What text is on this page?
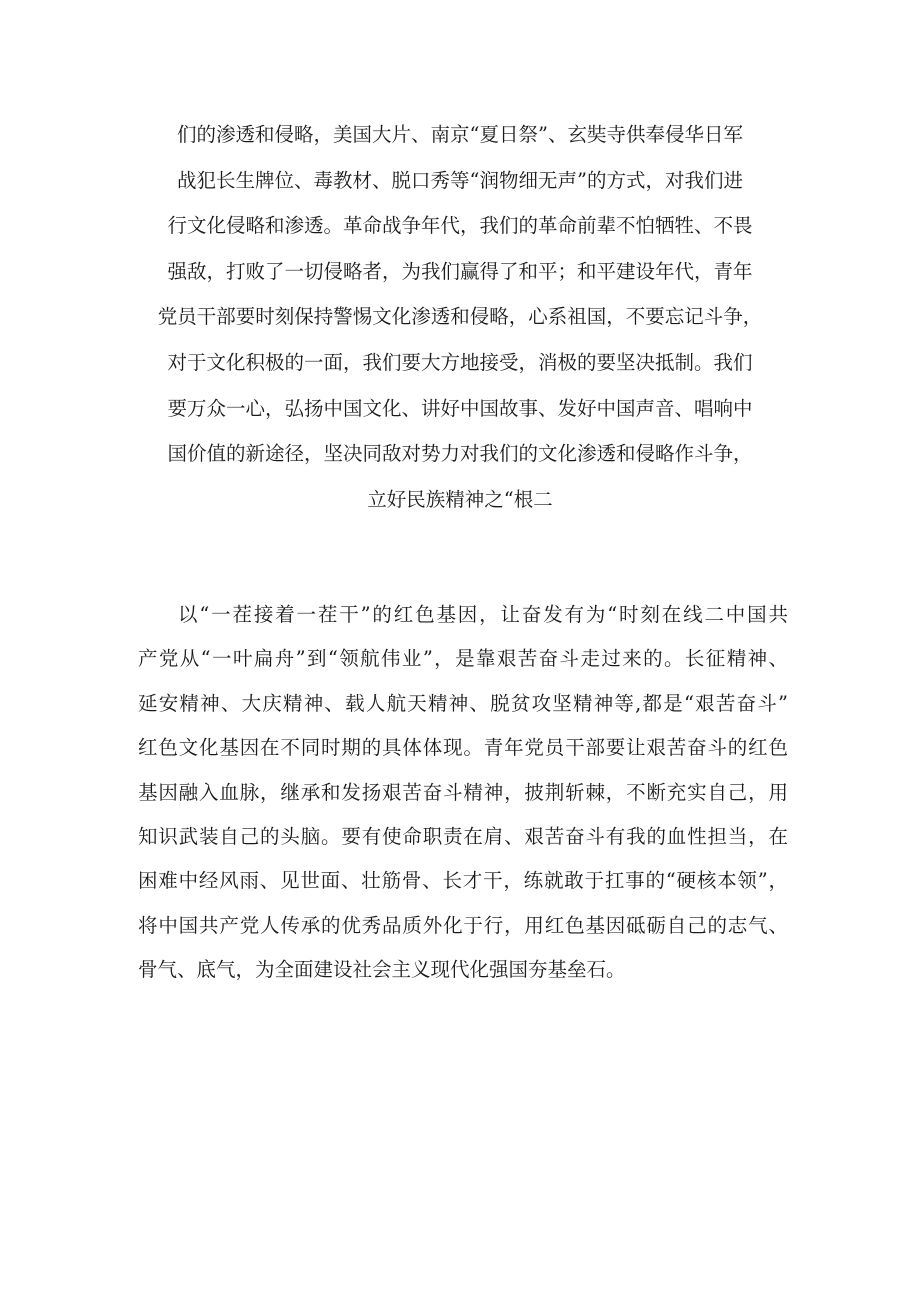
们的渗透和侵略，美国大片、南京“夏日祭”、玄奘寺供奉侵华日军
战犯长生牌位、毒教材、脱口秀等“润物细无声”的方式，对我们进
行文化侵略和渗透。革命战争年代，我们的革命前辈不怕牺牲、不畏
强敌，打败了一切侵略者，为我们赢得了和平；和平建设年代，青年
党员干部要时刻保持警惕文化渗透和侵略，心系祖国，不要忘记斗争，
对于文化积极的一面，我们要大方地接受，消极的要坚决抵制。我们
要万众一心，弘扬中国文化、讲好中国故事、发好中国声音、唱响中
国价值的新途径，坚决同敌对势力对我们的文化渗透和侵略作斗争，
立好民族精神之“根二
以“一茬接着一茬干”的红色基因，让奋发有为“时刻在线二中国共
产党从“一叶扁舟”到“领航伟业”，是靠艰苦奋斗走过来的。长征精神、
延安精神、大庆精神、载人航天精神、脱贫攻坚精神等,都是“艰苦奋斗”
红色文化基因在不同时期的具体体现。青年党员干部要让艰苦奋斗的红色
基因融入血脉，继承和发扬艰苦奋斗精神，披荆斩棘，不断充实自己，用
知识武装自己的头脑。要有使命职责在肩、艰苦奋斗有我的血性担当，在
困难中经风雨、见世面、壮筋骨、长才干，练就敢于扛事的“硬核本领”，
将中国共产党人传承的优秀品质外化于行，用红色基因砥砺自己的志气、
骨气、底气，为全面建设社会主义现代化强国夯基垒石。
